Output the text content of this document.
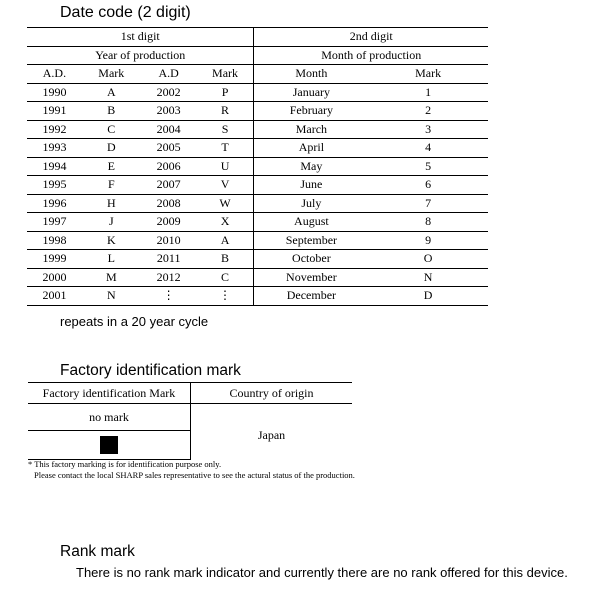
Date code (2 digit)
1st digit				2nd digit	
Year of production				Month of production	
A.D.	Mark	A.D	Mark	Month	Mark
1990	A	2002	P	January	1
1991	B	2003	R	February	2
1992	C	2004	S	March	3
1993	D	2005	T	April	4
1994	E	2006	U	May	5
1995	F	2007	V	June	6
1996	H	2008	W	July	7
1997	J	2009	X	August	8
1998	K	2010	A	September	9
1999	L	2011	B	October	O
2000	M	2012	C	November	N
2001	N	⋮	⋮	December	D
repeats in a 20 year cycle
Factory identification mark
Factory identification Mark	Country of origin
no mark	Japan

* This factory marking is for identification purpose only.
Please contact the local SHARP sales representative to see the actural status of the production.
Rank mark
There is no rank mark indicator and currently there are no rank offered for this device.
